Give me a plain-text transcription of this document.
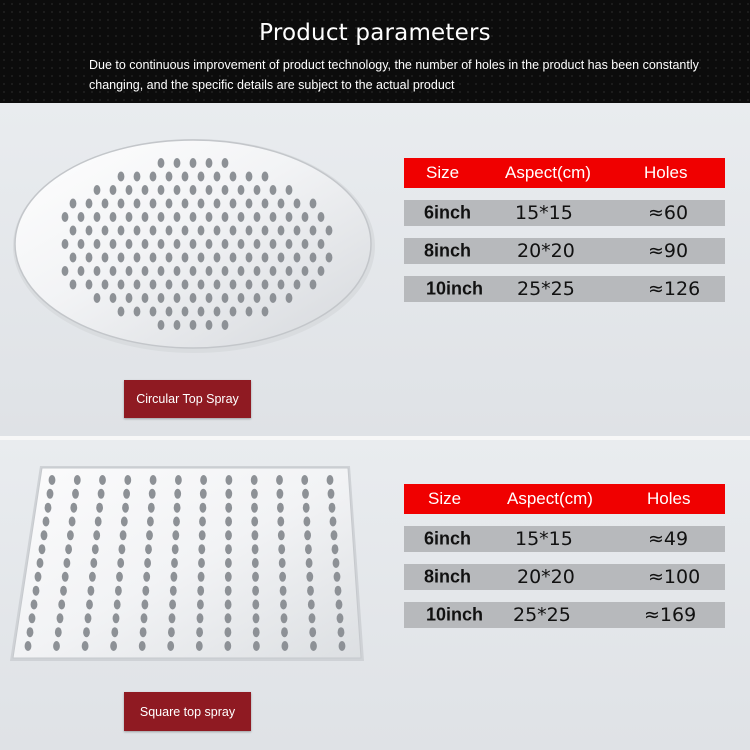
Product parameters
Due to continuous improvement of product technology, the number of holes in the product has been constantly changing, and the specific details are subject to the actual product
Circular Top Spray
Size	Aspect(cm)	Holes
6inch 15*15	≈60
8inch 20*20	≈90
10inch 25*25	≈126
Square top spray
Size	Aspect(cm)	Holes
6inch 15*15	≈49
8inch 20*20	≈100
10inch 25*25	≈169
